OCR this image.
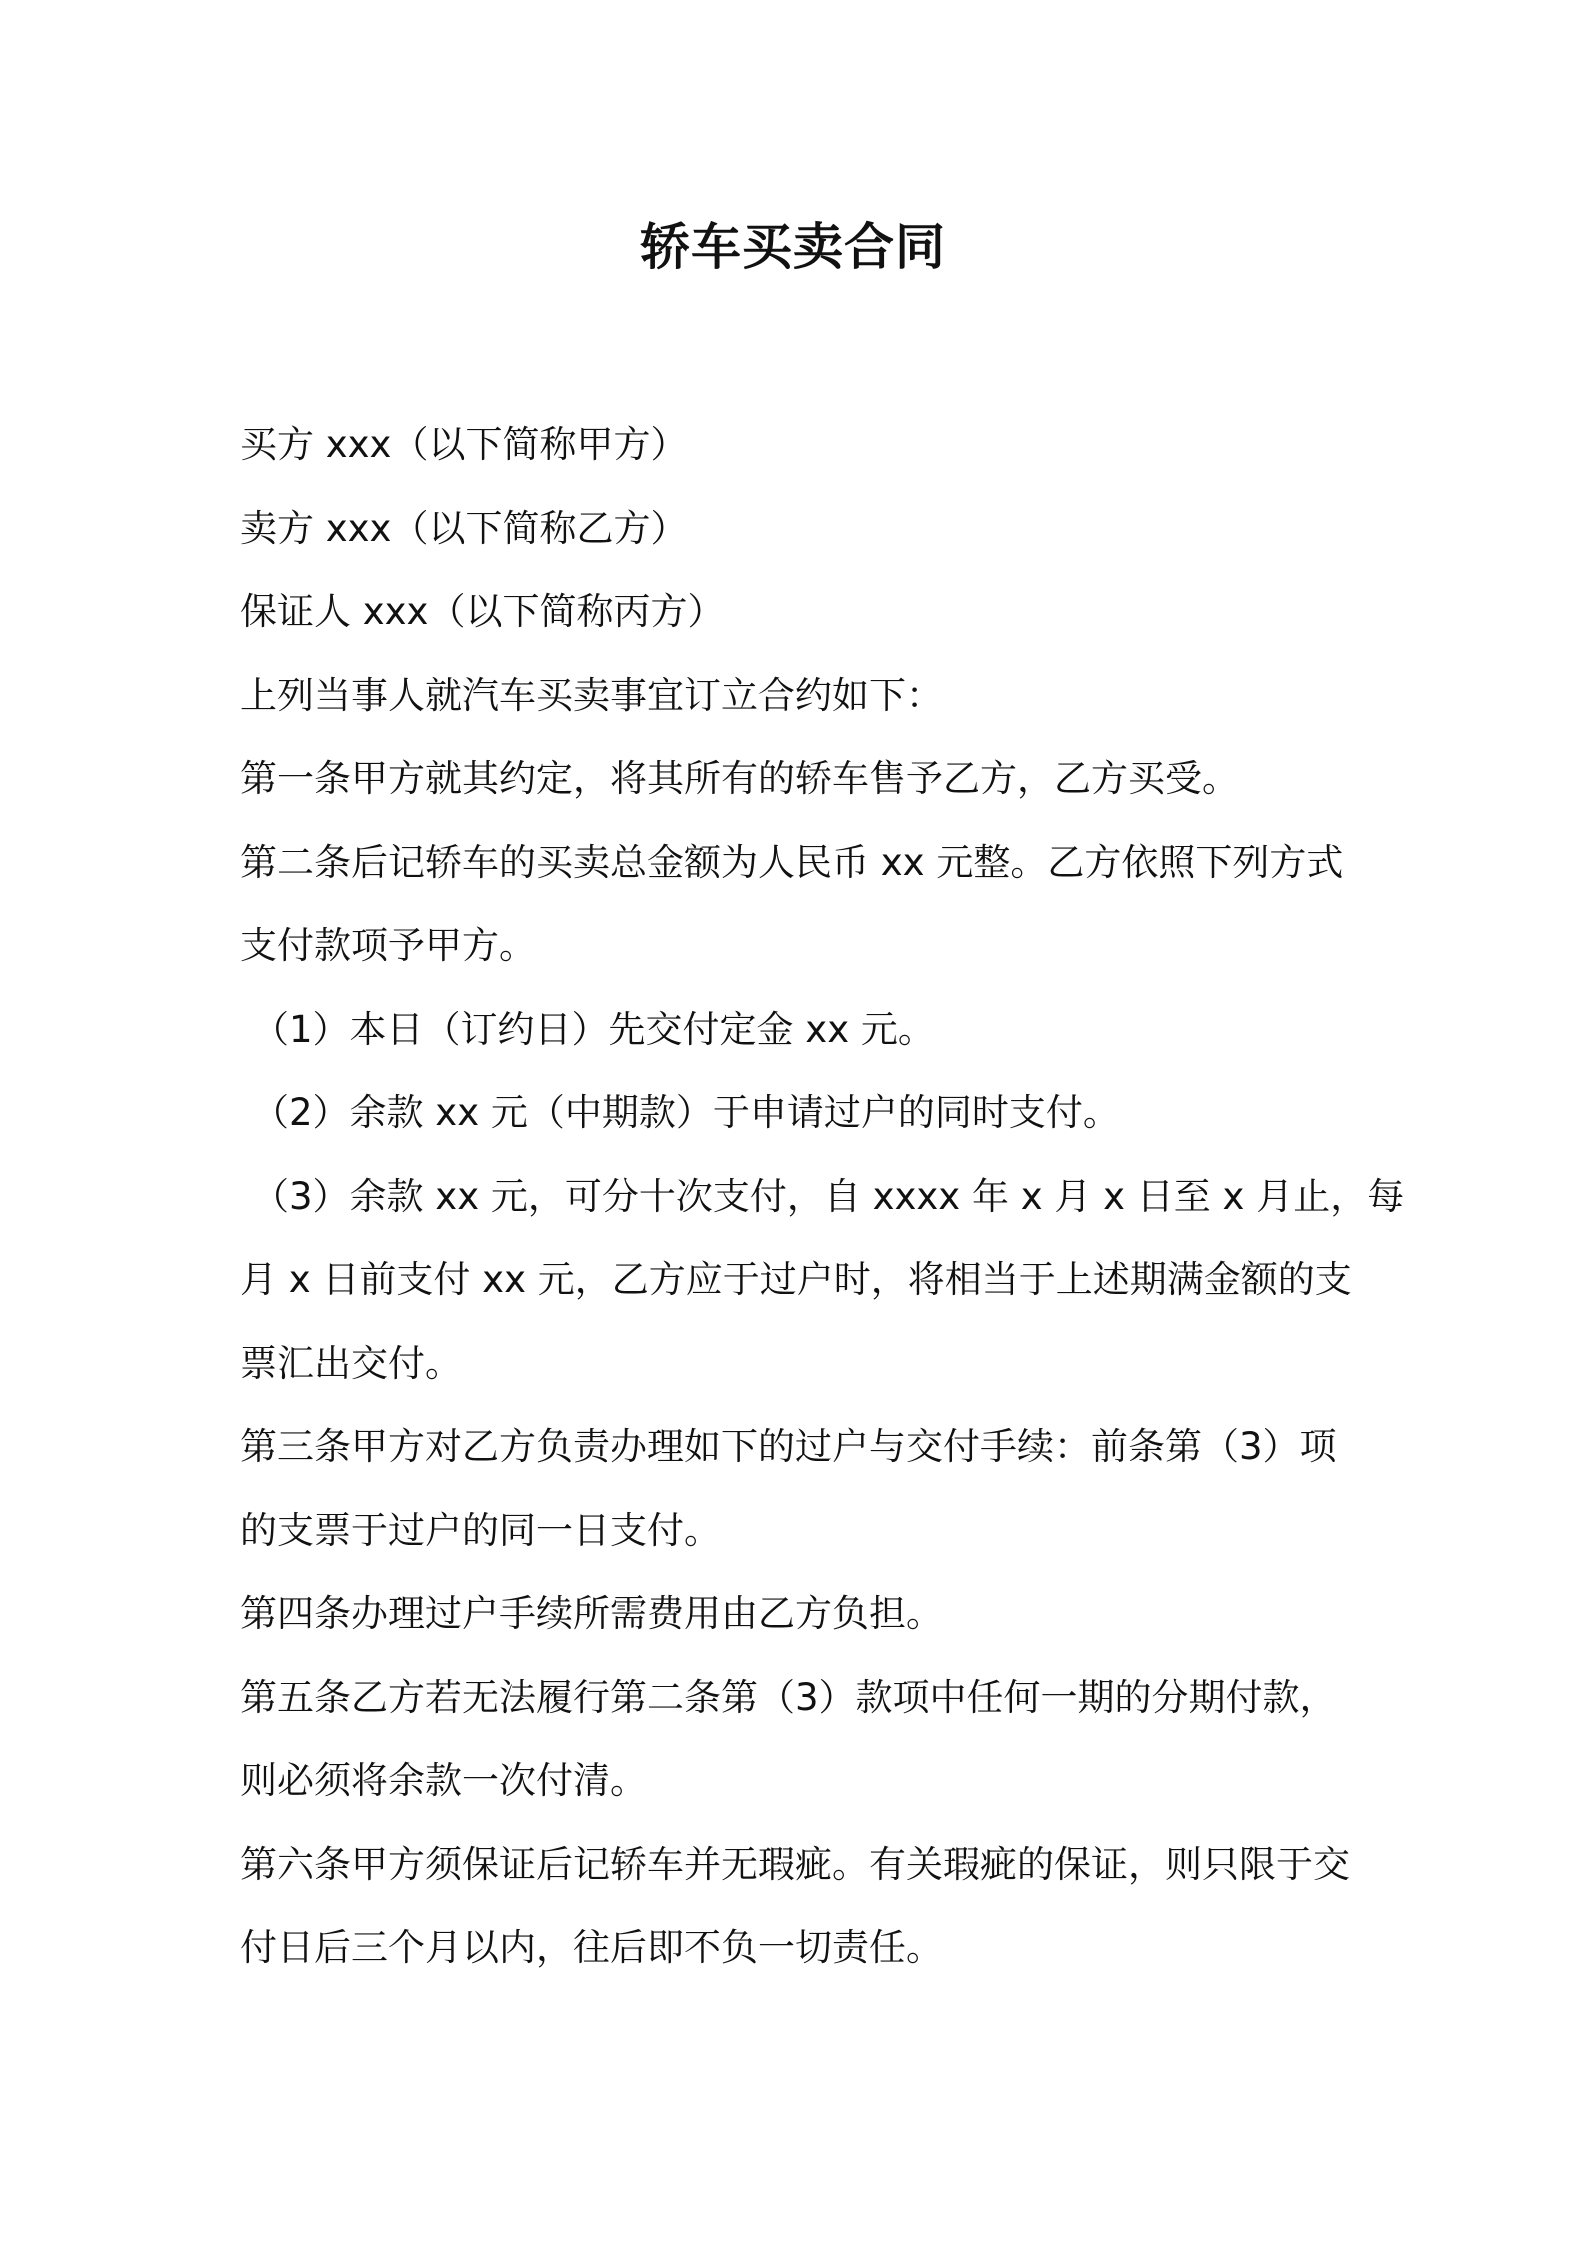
轿车买卖合同
买方 xxx（以下简称甲方）
卖方 xxx（以下简称乙方）
保证人 xxx（以下简称丙方）
上列当事人就汽车买卖事宜订立合约如下：
第一条甲方就其约定，将其所有的轿车售予乙方，乙方买受。
第二条后记轿车的买卖总金额为人民币 xx 元整。乙方依照下列方式
支付款项予甲方。
（1）本日（订约日）先交付定金 xx 元。
（2）余款 xx 元（中期款）于申请过户的同时支付。
（3）余款 xx 元，可分十次支付，自 xxxx 年 x 月 x 日至 x 月止，每
月 x 日前支付 xx 元，乙方应于过户时，将相当于上述期满金额的支
票汇出交付。
第三条甲方对乙方负责办理如下的过户与交付手续：前条第（3）项
的支票于过户的同一日支付。
第四条办理过户手续所需费用由乙方负担。
第五条乙方若无法履行第二条第（3）款项中任何一期的分期付款，
则必须将余款一次付清。
第六条甲方须保证后记轿车并无瑕疵。有关瑕疵的保证，则只限于交
付日后三个月以内，往后即不负一切责任。
